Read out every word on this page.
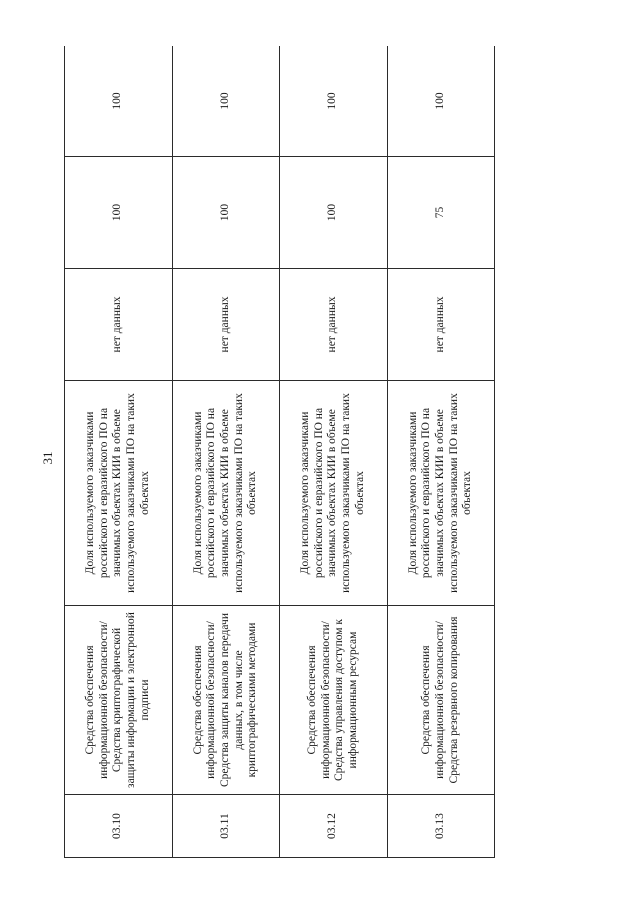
31
03.10	Средства обеспечения информационной безопасности/Средства криптографической защиты информации и электронной подписи	Доля используемого заказчиками российского и евразийского ПО на значимых объектах КИИ в объеме используемого заказчиками ПО на таких объектах	нет данных	100	100
03.11	Средства обеспечения информационной безопасности/Средства защиты каналов передачи данных, в том числе криптографическими методами	Доля используемого заказчиками российского и евразийского ПО на значимых объектах КИИ в объеме используемого заказчиками ПО на таких объектах	нет данных	100	100
03.12	Средства обеспечения информационной безопасности/ Средства управления доступом к информационным ресурсам	Доля используемого заказчиками российского и евразийского ПО на значимых объектах КИИ в объеме используемого заказчиками ПО на таких объектах	нет данных	100	100
03.13	Средства обеспечения информационной безопасности/Средства резервного копирования	Доля используемого заказчиками российского и евразийского ПО на значимых объектах КИИ в объеме используемого заказчиками ПО на таких объектах	нет данных	75	100
